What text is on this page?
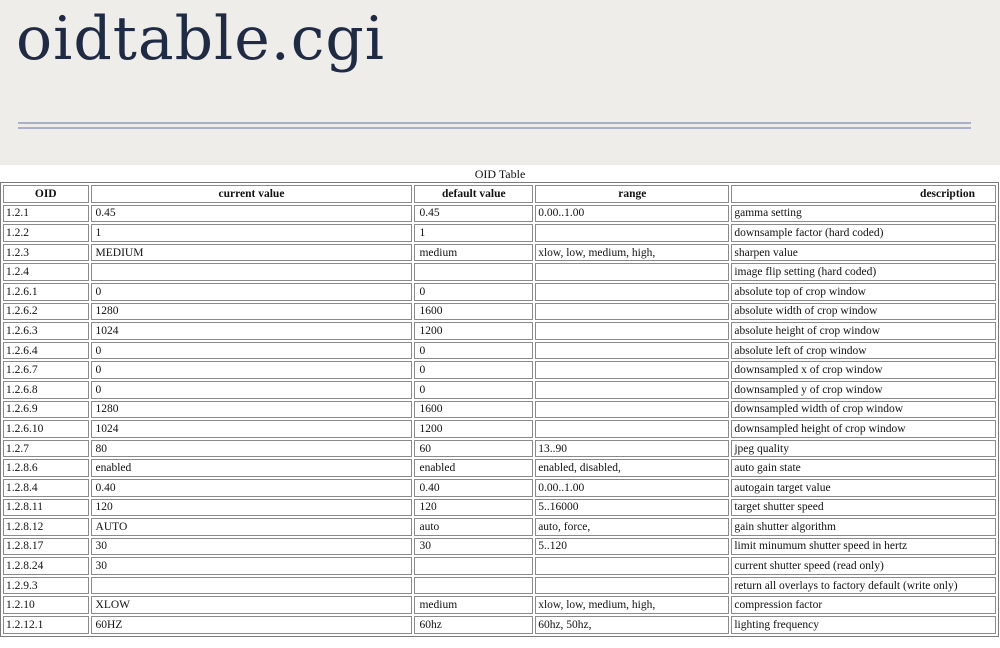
oidtable.cgi
OID Table
OID	current value	default value	range	description
1.2.1	0.45	0.45	0.00..1.00	gamma setting
1.2.2	1	1		downsample factor (hard coded)
1.2.3	MEDIUM	medium	xlow, low, medium, high,	sharpen value
1.2.4				image flip setting (hard coded)
1.2.6.1	0	0		absolute top of crop window
1.2.6.2	1280	1600		absolute width of crop window
1.2.6.3	1024	1200		absolute height of crop window
1.2.6.4	0	0		absolute left of crop window
1.2.6.7	0	0		downsampled x of crop window
1.2.6.8	0	0		downsampled y of crop window
1.2.6.9	1280	1600		downsampled width of crop window
1.2.6.10	1024	1200		downsampled height of crop window
1.2.7	80	60	13..90	jpeg quality
1.2.8.6	enabled	enabled	enabled, disabled,	auto gain state
1.2.8.4	0.40	0.40	0.00..1.00	autogain target value
1.2.8.11	120	120	5..16000	target shutter speed
1.2.8.12	AUTO	auto	auto, force,	gain shutter algorithm
1.2.8.17	30	30	5..120	limit minumum shutter speed in hertz
1.2.8.24	30			current shutter speed (read only)
1.2.9.3				return all overlays to factory default (write only)
1.2.10	XLOW	medium	xlow, low, medium, high,	compression factor
1.2.12.1	60HZ	60hz	60hz, 50hz,	lighting frequency
